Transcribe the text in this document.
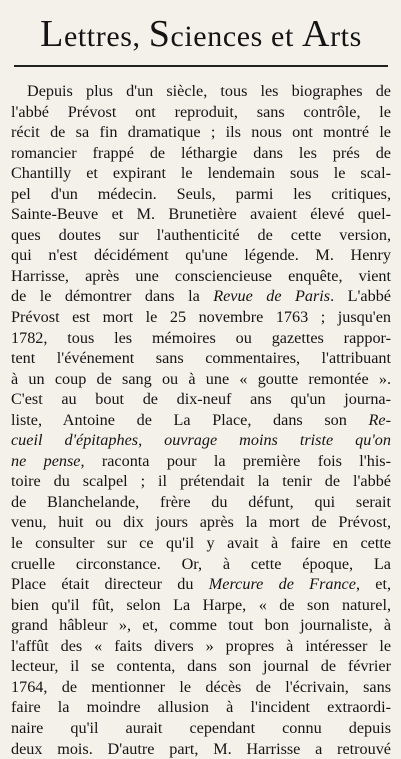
Lettres, Sciences et Arts
Depuis plus d'un siècle, tous les biographes de
l'abbé Prévost ont reproduit, sans contrôle, le
récit de sa fin dramatique ; ils nous ont montré le
romancier frappé de léthargie dans les prés de
Chantilly et expirant le lendemain sous le scal-
pel d'un médecin. Seuls, parmi les critiques,
Sainte-Beuve et M. Brunetière avaient élevé quel-
ques doutes sur l'authenticité de cette version,
qui n'est décidément qu'une légende. M. Henry
Harrisse, après une consciencieuse enquête, vient
de le démontrer dans la Revue de Paris. L'abbé
Prévost est mort le 25 novembre 1763 ; jusqu'en
1782, tous les mémoires ou gazettes rappor-
tent l'événement sans commentaires, l'attribuant
à un coup de sang ou à une « goutte remontée ».
C'est au bout de dix-neuf ans qu'un journa-
liste, Antoine de La Place, dans son Re-
cueil d'épitaphes, ouvrage moins triste qu'on
ne pense, raconta pour la première fois l'his-
toire du scalpel ; il prétendait la tenir de l'abbé
de Blanchelande, frère du défunt, qui serait
venu, huit ou dix jours après la mort de Prévost,
le consulter sur ce qu'il y avait à faire en cette
cruelle circonstance. Or, à cette époque, La
Place était directeur du Mercure de France, et,
bien qu'il fût, selon La Harpe, « de son naturel,
grand hâbleur », et, comme tout bon journaliste, à
l'affût des « faits divers » propres à intéresser le
lecteur, il se contenta, dans son journal de février
1764, de mentionner le décès de l'écrivain, sans
faire la moindre allusion à l'incident extraordi-
naire qu'il aurait cependant connu depuis
deux mois. D'autre part, M. Harrisse a retrouvé
